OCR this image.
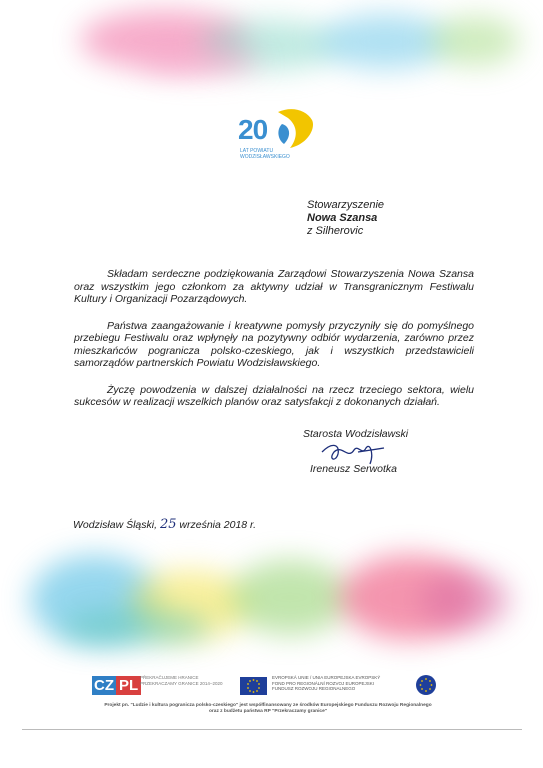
20
LAT POWIATU WODZISŁAWSKIEGO
Stowarzyszenie
Nowa Szansa
z Silherovic

Składam serdeczne podziękowania Zarządowi Stowarzyszenia Nowa Szansa oraz wszystkim jego członkom za aktywny udział w Transgranicznym Festiwalu Kultury i Organizacji Pozarządowych.

Państwa zaangażowanie i kreatywne pomysły przyczyniły się do pomyślnego przebiegu Festiwalu oraz wpłynęły na pozytywny odbiór wydarzenia, zarówno przez mieszkańców pogranicza polsko-czeskiego, jak i wszystkich przedstawicieli samorządów partnerskich Powiatu Wodzisławskiego.

Życzę powodzenia w dalszej działalności na rzecz trzeciego sektora, wielu sukcesów w realizacji wszelkich planów oraz satysfakcji z dokonanych działań.

Starosta Wodzisławski
Ireneusz Serwotka
Wodzisław Śląski, 25 września 2018 r.
CZ PL PŘEKRAČUJEME HRANICE PRZEKRACZAMY GRANICE 2014–2020
EVROPSKÁ UNIE / UNIA EUROPEJSKA EVROPSKÝ FOND PRO REGIONÁLNÍ ROZVOJ EUROPEJSKI FUNDUSZ ROZWOJU REGIONALNEGO
Projekt pn. "Ludzie i kultura pogranicza polsko-czeskiego" jest współfinansowany ze środków Europejskiego Funduszu Rozwoju Regionalnego
oraz z budżetu państwa RP "Przekraczamy granice"
